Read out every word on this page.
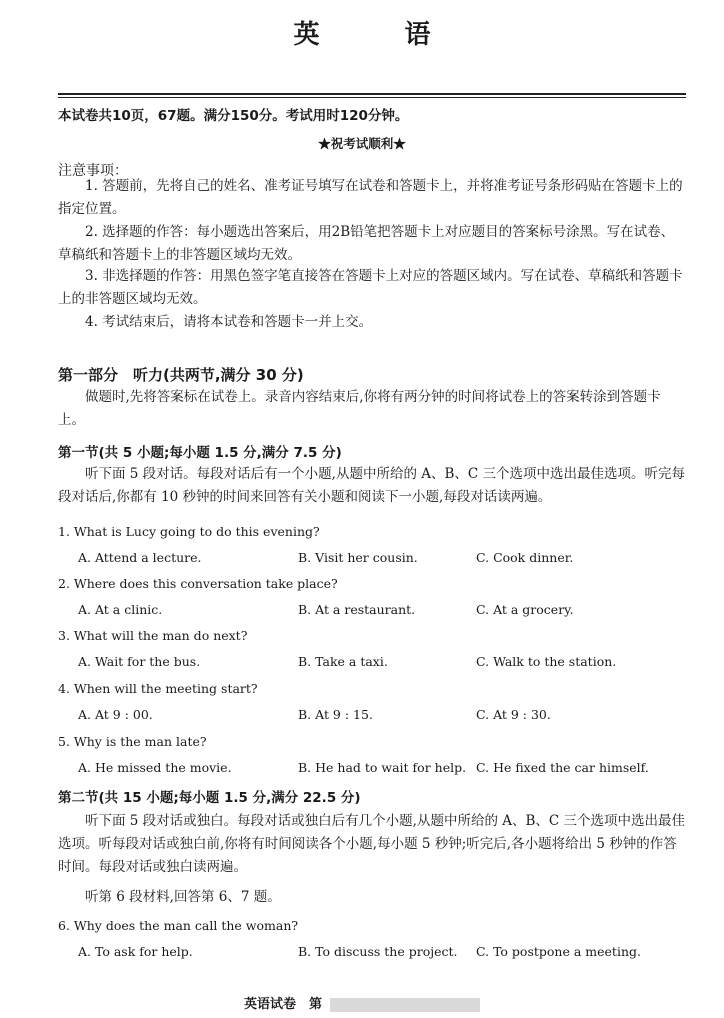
英 语
本试卷共10页，67题。满分150分。考试用时120分钟。
★祝考试顺利★
注意事项：
1. 答题前，先将自己的姓名、准考证号填写在试卷和答题卡上，并将准考证号条形码贴在答题卡上的指定位置。
2. 选择题的作答：每小题选出答案后，用2B铅笔把答题卡上对应题目的答案标号涂黑。写在试卷、草稿纸和答题卡上的非答题区域均无效。
3. 非选择题的作答：用黑色签字笔直接答在答题卡上对应的答题区域内。写在试卷、草稿纸和答题卡上的非答题区域均无效。
4. 考试结束后，请将本试卷和答题卡一并上交。
第一部分　听力(共两节,满分 30 分)
做题时,先将答案标在试卷上。录音内容结束后,你将有两分钟的时间将试卷上的答案转涂到答题卡上。
第一节(共 5 小题;每小题 1.5 分,满分 7.5 分)
听下面 5 段对话。每段对话后有一个小题,从题中所给的 A、B、C 三个选项中选出最佳选项。听完每段对话后,你都有 10 秒钟的时间来回答有关小题和阅读下一小题,每段对话读两遍。
1. What is Lucy going to do this evening?
A. Attend a lecture.	B. Visit her cousin.	C. Cook dinner.
2. Where does this conversation take place?
A. At a clinic.	B. At a restaurant.	C. At a grocery.
3. What will the man do next?
A. Wait for the bus.	B. Take a taxi.	C. Walk to the station.
4. When will the meeting start?
A. At 9 : 00.	B. At 9 : 15.	C. At 9 : 30.
5. Why is the man late?
A. He missed the movie.	B. He had to wait for help. C. He fixed the car himself.
第二节(共 15 小题;每小题 1.5 分,满分 22.5 分)
听下面 5 段对话或独白。每段对话或独白后有几个小题,从题中所给的 A、B、C 三个选项中选出最佳选项。听每段对话或独白前,你将有时间阅读各个小题,每小题 5 秒钟;听完后,各小题将给出 5 秒钟的作答时间。每段对话或独白读两遍。
听第 6 段材料,回答第 6、7 题。
6. Why does the man call the woman?
A. To ask for help.	B. To discuss the project. C. To postpone a meeting.
英语试卷　第
